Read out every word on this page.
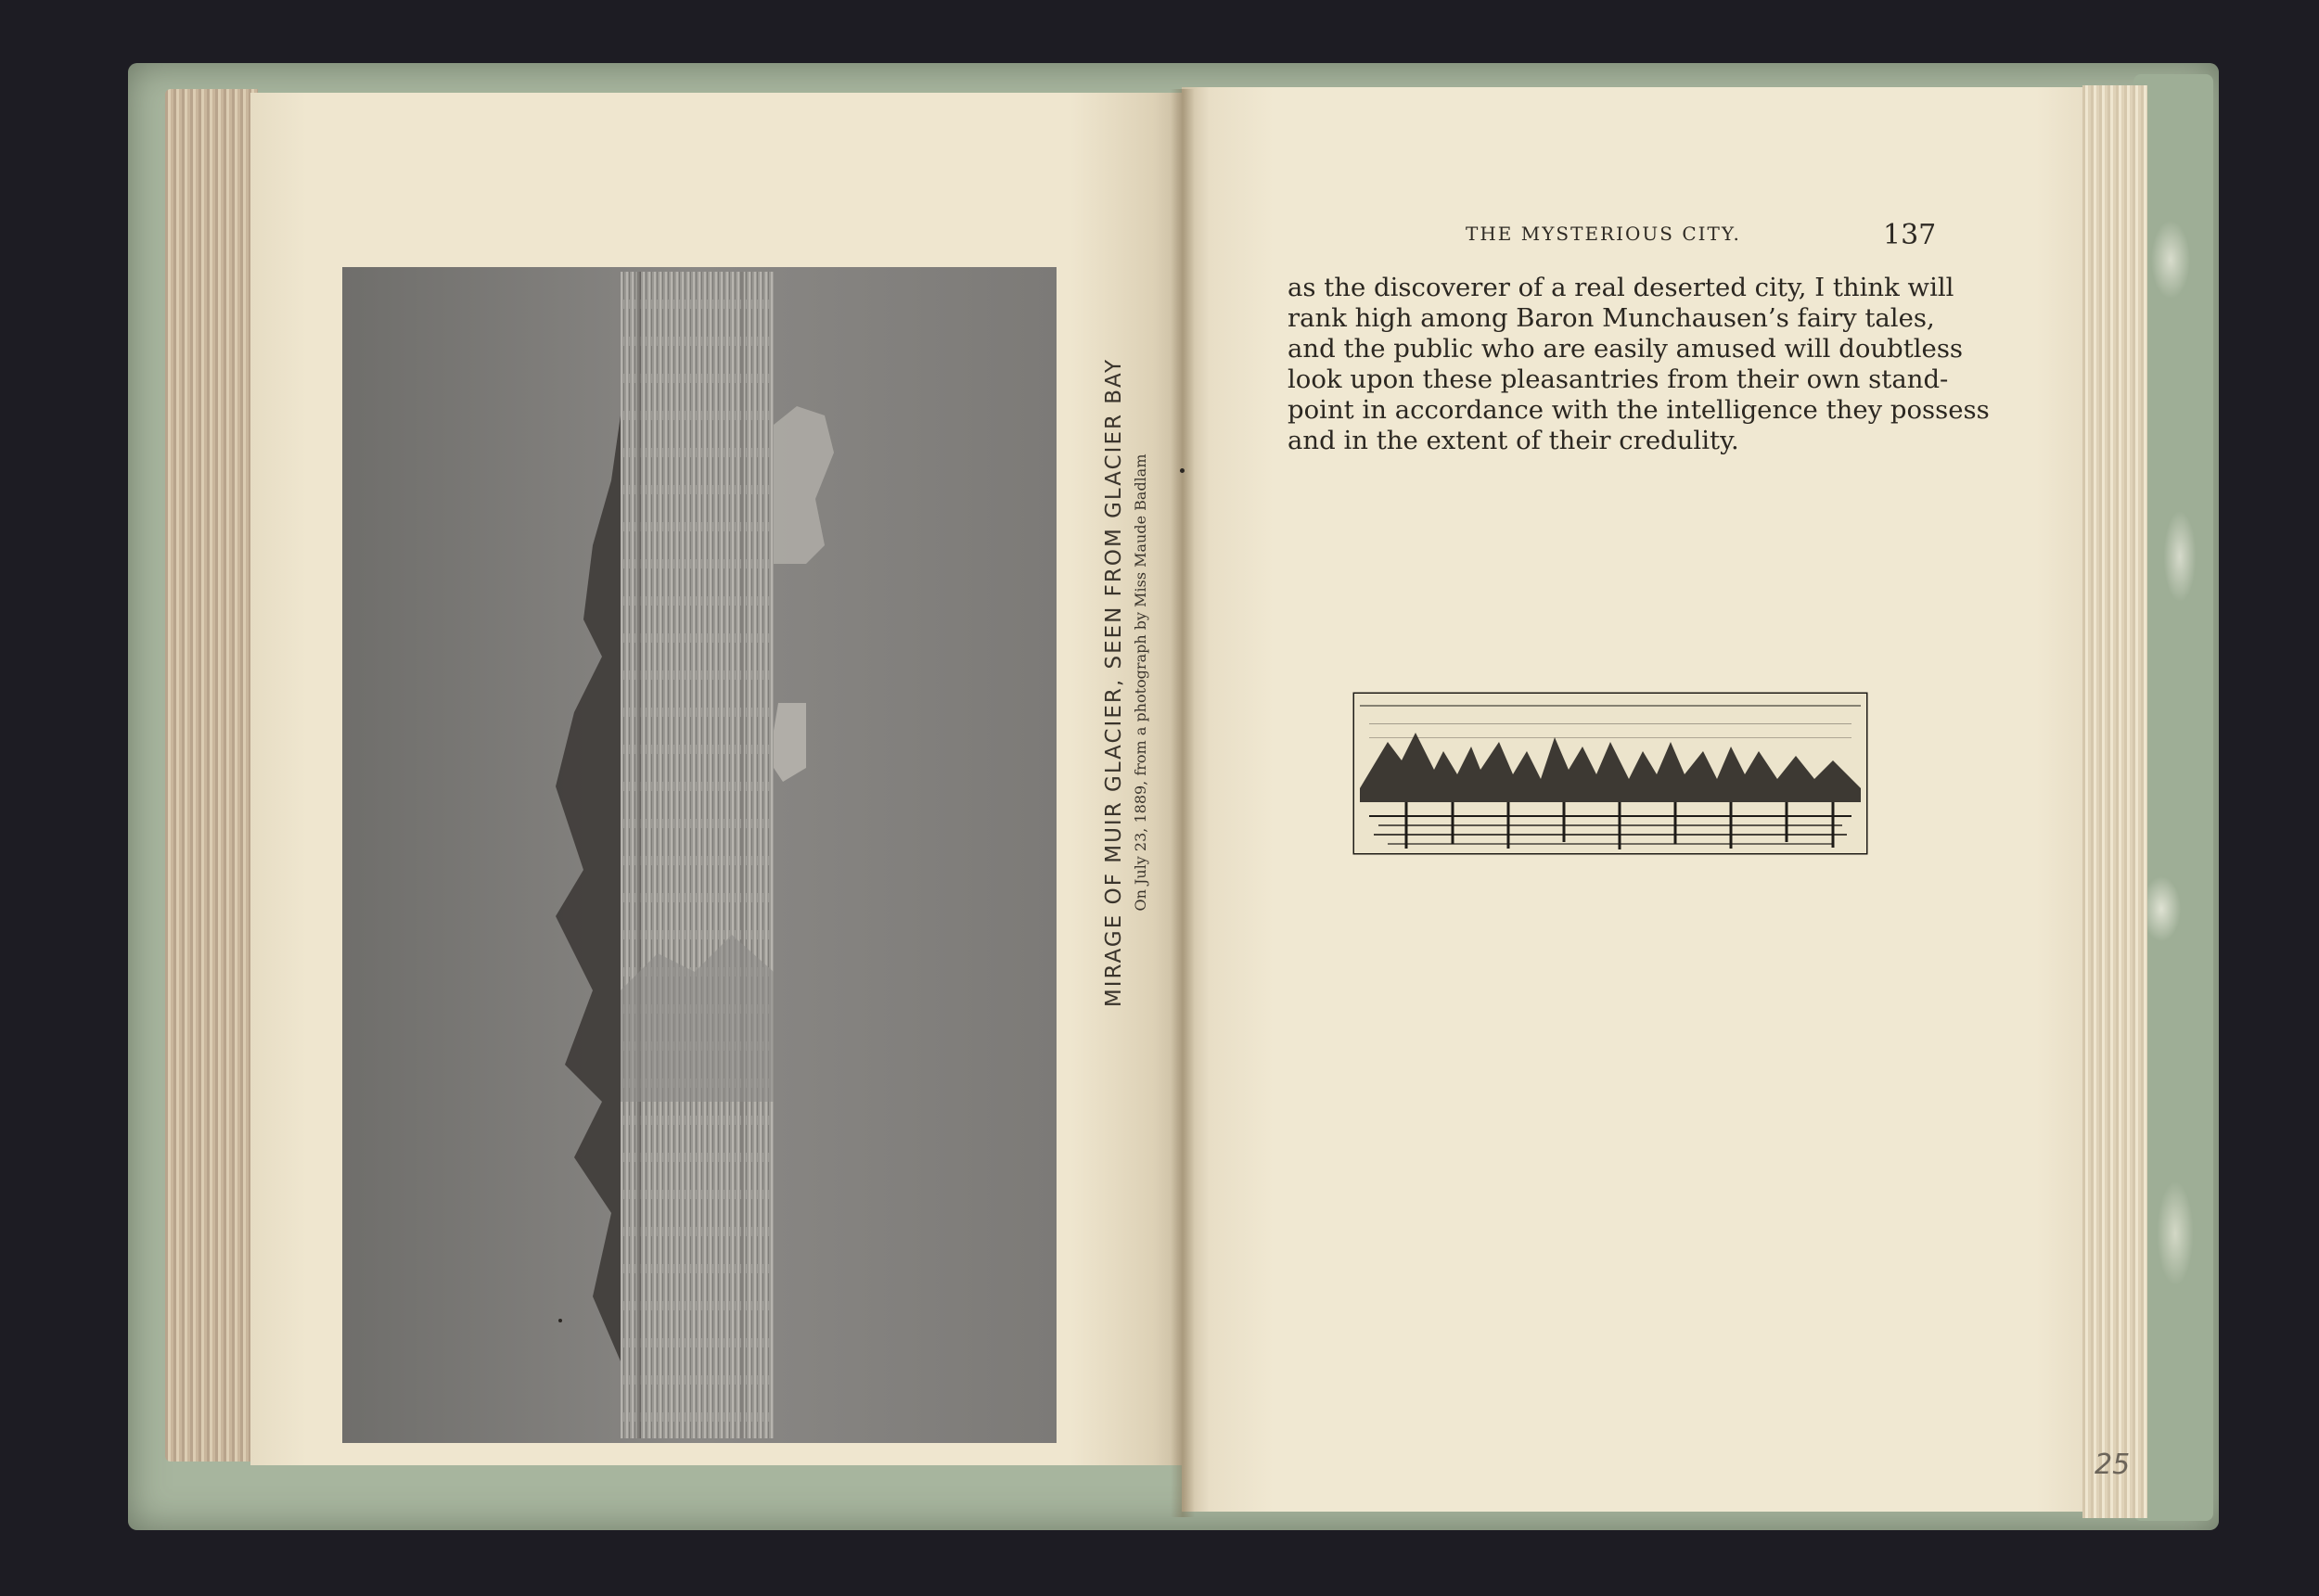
MIRAGE OF MUIR GLACIER, SEEN FROM GLACIER BAY On July 23, 1889, from a photograph by Miss Maude Badlam
THE MYSTERIOUS CITY.	137
as the discoverer of a real deserted city, I think will
rank high among Baron Munchausen’s fairy tales,
and the public who are easily amused will doubtless
look upon these pleasantries from their own stand-
point in accordance with the intelligence they possess
and in the extent of their credulity.
25
